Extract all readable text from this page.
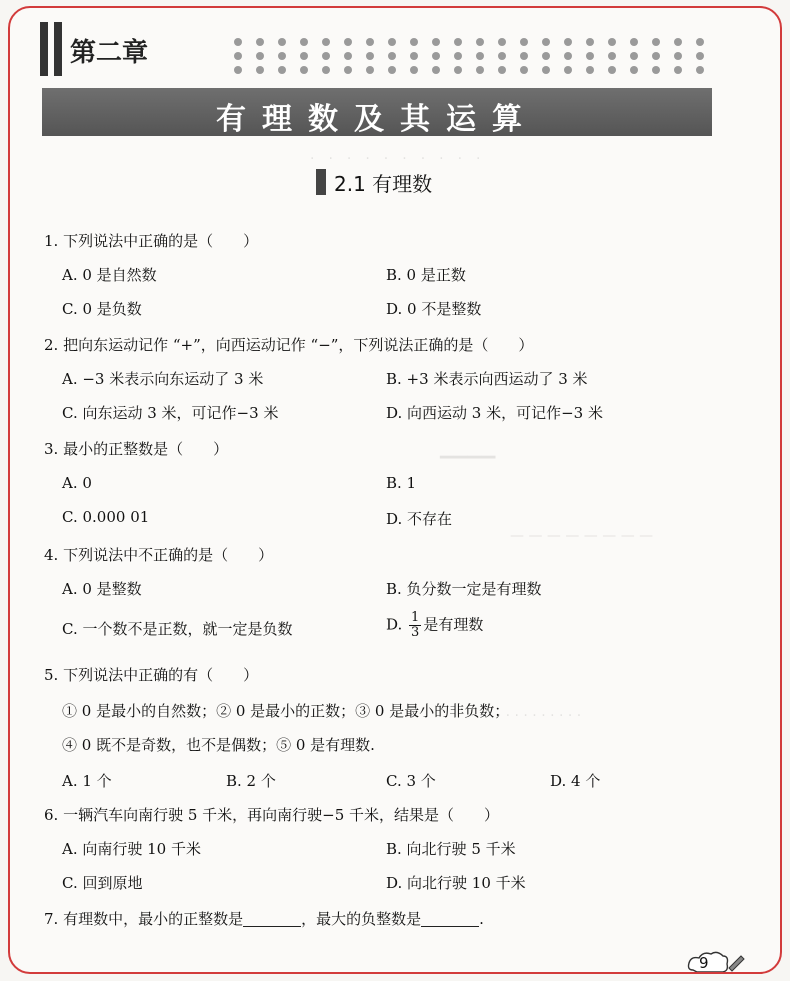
·　·　·　·　·　·　·　·　·　·
▁▁▁▁
— — — — — — — —
· · · · · · · · · · · · ·
第二章
有理数及其运算
2.1 有理数
1. 下列说法中正确的是（　　）
A. 0 是自然数	B. 0 是正数
C. 0 是负数	D. 0 不是整数
2. 把向东运动记作 “+”，向西运动记作 “−”，下列说法正确的是（　　）
A. −3 米表示向东运动了 3 米	B. +3 米表示向西运动了 3 米
C. 向东运动 3 米，可记作−3 米	D. 向西运动 3 米，可记作−3 米
3. 最小的正整数是（　　）
A. 0	B. 1
C. 0.000 01	D. 不存在
4. 下列说法中不正确的是（　　）
A. 0 是整数	B. 负分数一定是有理数
C. 一个数不是正数，就一定是负数	D. $\frac{1}{3}$ 是有理数
5. 下列说法中正确的有（　　）
① 0 是最小的自然数；② 0 是最小的正数；③ 0 是最小的非负数；
④ 0 既不是奇数，也不是偶数；⑤ 0 是有理数.
A. 1 个	B. 2 个	C. 3 个	D. 4 个
6. 一辆汽车向南行驶 5 千米，再向南行驶−5 千米，结果是（　　）
A. 向南行驶 10 千米	B. 向北行驶 5 千米
C. 回到原地	D. 向北行驶 10 千米
7. 有理数中，最小的正整数是	，最大的负整数是	.
9
